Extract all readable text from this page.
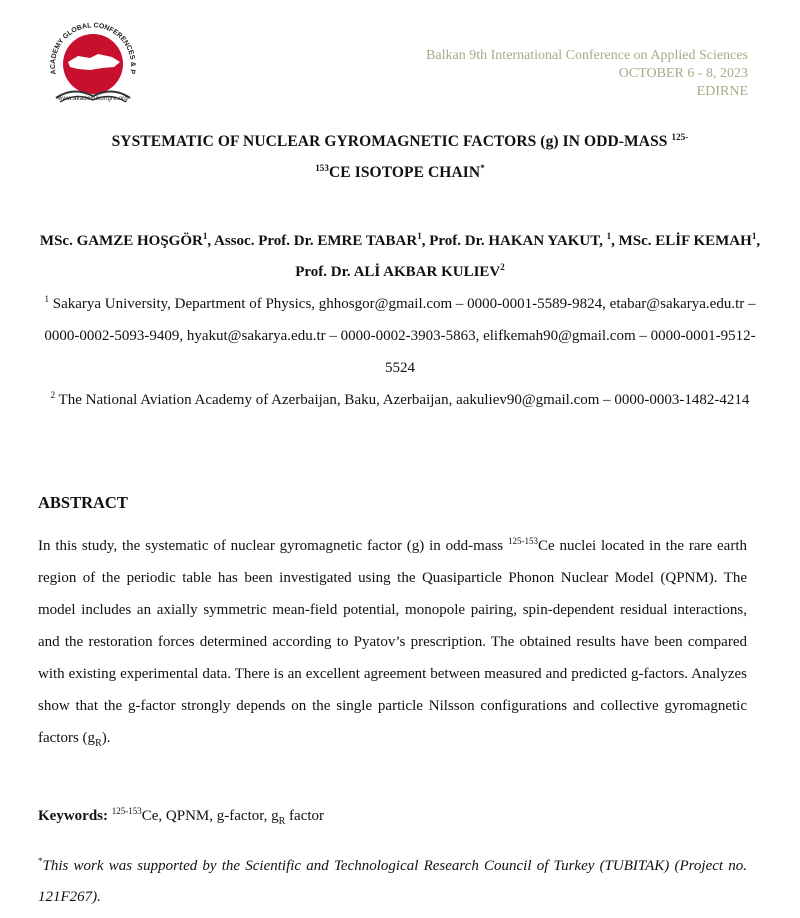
ACADEMY GLOBAL CONFERENCES & P
www.akademikongre.org
Balkan 9th International Conference on Applied Sciences
OCTOBER 6 - 8, 2023
EDIRNE
SYSTEMATIC OF NUCLEAR GYROMAGNETIC FACTORS (g) IN ODD-MASS $^{125-}$
$^{153}$CE ISOTOPE CHAIN*
MSc. GAMZE HOŞGÖR$^1$, Assoc. Prof. Dr. EMRE TABAR$^1$, Prof. Dr. HAKAN YAKUT, $^1$, MSc. ELİF KEMAH$^1$, Prof. Dr. ALİ AKBAR KULIEV$^2$
$^1$ Sakarya University, Department of Physics, ghhosgor@gmail.com – 0000-0001-5589-9824, etabar@sakarya.edu.tr – 0000-0002-5093-9409, hyakut@sakarya.edu.tr – 0000-0002-3903-5863, elifkemah90@gmail.com – 0000-0001-9512-5524
$^2$ The National Aviation Academy of Azerbaijan, Baku, Azerbaijan, aakuliev90@gmail.com – 0000-0003-1482-4214
ABSTRACT
In this study, the systematic of nuclear gyromagnetic factor (g) in odd-mass $^{125-153}$Ce nuclei located in the rare earth region of the periodic table has been investigated using the Quasiparticle Phonon Nuclear Model (QPNM). The model includes an axially symmetric mean-field potential, monopole pairing, spin-dependent residual interactions, and the restoration forces determined according to Pyatov’s prescription. The obtained results have been compared with existing experimental data. There is an excellent agreement between measured and predicted g-factors. Analyzes show that the g-factor strongly depends on the single particle Nilsson configurations and collective gyromagnetic factors $(g_R)$.
Keywords: $^{125-153}$Ce, QPNM, g-factor, $g_R$ factor
*This work was supported by the Scientific and Technological Research Council of Turkey (TUBITAK) (Project no. 121F267).
